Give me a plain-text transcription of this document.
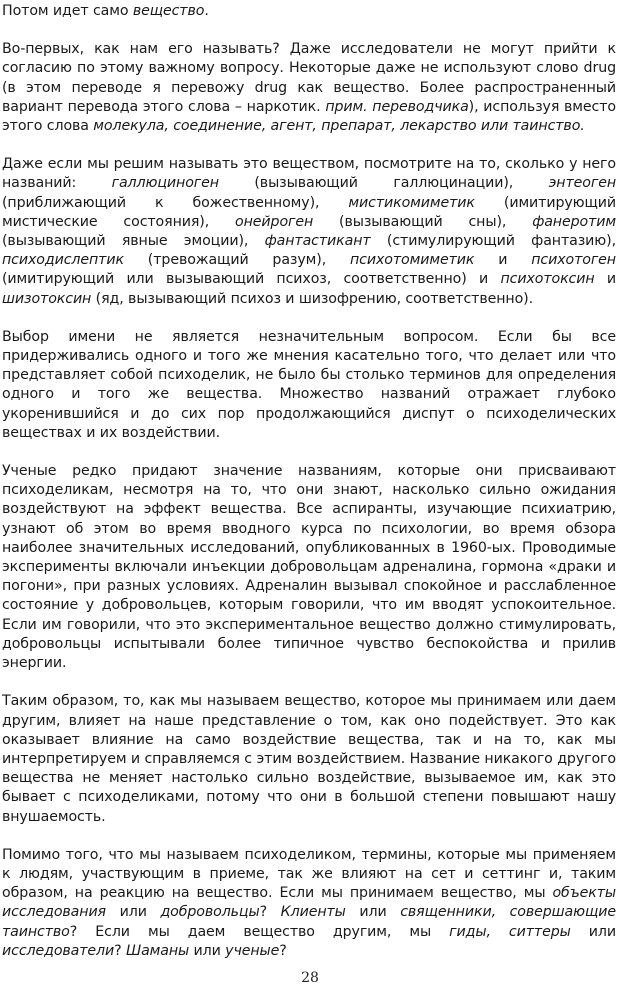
Потом идет само вещество.

Во-первых, как нам его называть? Даже исследователи не могут прийти к согласию по этому важному вопросу. Некоторые даже не используют слово drug (в этом переводе я перевожу drug как вещество. Более распространенный вариант перевода этого слова – наркотик. прим. переводчика), используя вместо этого слова молекула, соединение, агент, препарат, лекарство или таинство.

Даже если мы решим называть это веществом, посмотрите на то, сколько у него названий: галлюциноген (вызывающий галлюцинации), энтеоген (приближающий к божественному), мистикомиметик (имитирующий мистические состояния), онейроген (вызывающий сны), фанеротим (вызывающий явные эмоции), фантастикант (стимулирующий фантазию), психодислептик (тревожащий разум), психотомиметик и психотоген (имитирующий или вызывающий психоз, соответственно) и психотоксин и шизотоксин (яд, вызывающий психоз и шизофрению, соответственно).

Выбор имени не является незначительным вопросом. Если бы все придерживались одного и того же мнения касательно того, что делает или что представляет собой психоделик, не было бы столько терминов для определения одного и того же вещества. Множество названий отражает глубоко укоренившийся и до сих пор продолжающийся диспут о психоделических веществах и их воздействии.

Ученые редко придают значение названиям, которые они присваивают психоделикам, несмотря на то, что они знают, насколько сильно ожидания воздействуют на эффект вещества. Все аспиранты, изучающие психиатрию, узнают об этом во время вводного курса по психологии, во время обзора наиболее значительных исследований, опубликованных в 1960-ых. Проводимые эксперименты включали инъекции добровольцам адреналина, гормона «драки и погони», при разных условиях. Адреналин вызывал спокойное и расслабленное состояние у добровольцев, которым говорили, что им вводят успокоительное. Если им говорили, что это экспериментальное вещество должно стимулировать, добровольцы испытывали более типичное чувство беспокойства и прилив энергии.

Таким образом, то, как мы называем вещество, которое мы принимаем или даем другим, влияет на наше представление о том, как оно подействует. Это как оказывает влияние на само воздействие вещества, так и на то, как мы интерпретируем и справляемся с этим воздействием. Название никакого другого вещества не меняет настолько сильно воздействие, вызываемое им, как это бывает с психоделиками, потому что они в большой степени повышают нашу внушаемость.

Помимо того, что мы называем психоделиком, термины, которые мы применяем к людям, участвующим в приеме, так же влияют на сет и сеттинг и, таким образом, на реакцию на вещество. Если мы принимаем вещество, мы объекты исследования или добровольцы? Клиенты или священники, совершающие таинство? Если мы даем вещество другим, мы гиды, ситтеры или исследователи? Шаманы или ученые?

28
